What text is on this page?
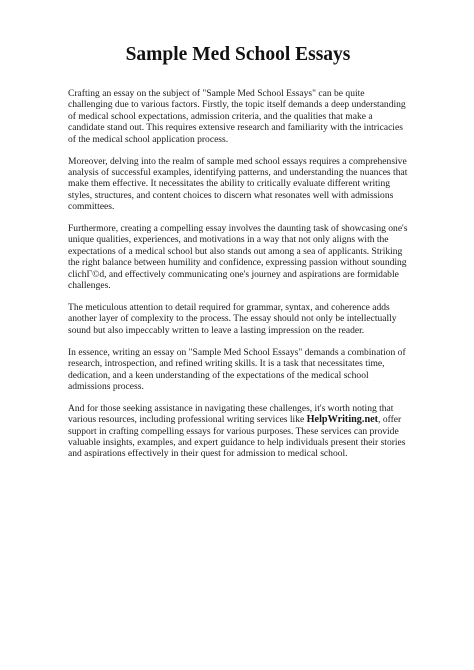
Sample Med School Essays

Crafting an essay on the subject of "Sample Med School Essays" can be quite challenging due to various factors. Firstly, the topic itself demands a deep understanding of medical school expectations, admission criteria, and the qualities that make a candidate stand out. This requires extensive research and familiarity with the intricacies of the medical school application process.

Moreover, delving into the realm of sample med school essays requires a comprehensive analysis of successful examples, identifying patterns, and understanding the nuances that make them effective. It necessitates the ability to critically evaluate different writing styles, structures, and content choices to discern what resonates well with admissions committees.

Furthermore, creating a compelling essay involves the daunting task of showcasing one's unique qualities, experiences, and motivations in a way that not only aligns with the expectations of a medical school but also stands out among a sea of applicants. Striking the right balance between humility and confidence, expressing passion without sounding clichГ©d, and effectively communicating one's journey and aspirations are formidable challenges.

The meticulous attention to detail required for grammar, syntax, and coherence adds another layer of complexity to the process. The essay should not only be intellectually sound but also impeccably written to leave a lasting impression on the reader.

In essence, writing an essay on "Sample Med School Essays" demands a combination of research, introspection, and refined writing skills. It is a task that necessitates time, dedication, and a keen understanding of the expectations of the medical school admissions process.

And for those seeking assistance in navigating these challenges, it's worth noting that various resources, including professional writing services like HelpWriting.net, offer support in crafting compelling essays for various purposes. These services can provide valuable insights, examples, and expert guidance to help individuals present their stories and aspirations effectively in their quest for admission to medical school.
